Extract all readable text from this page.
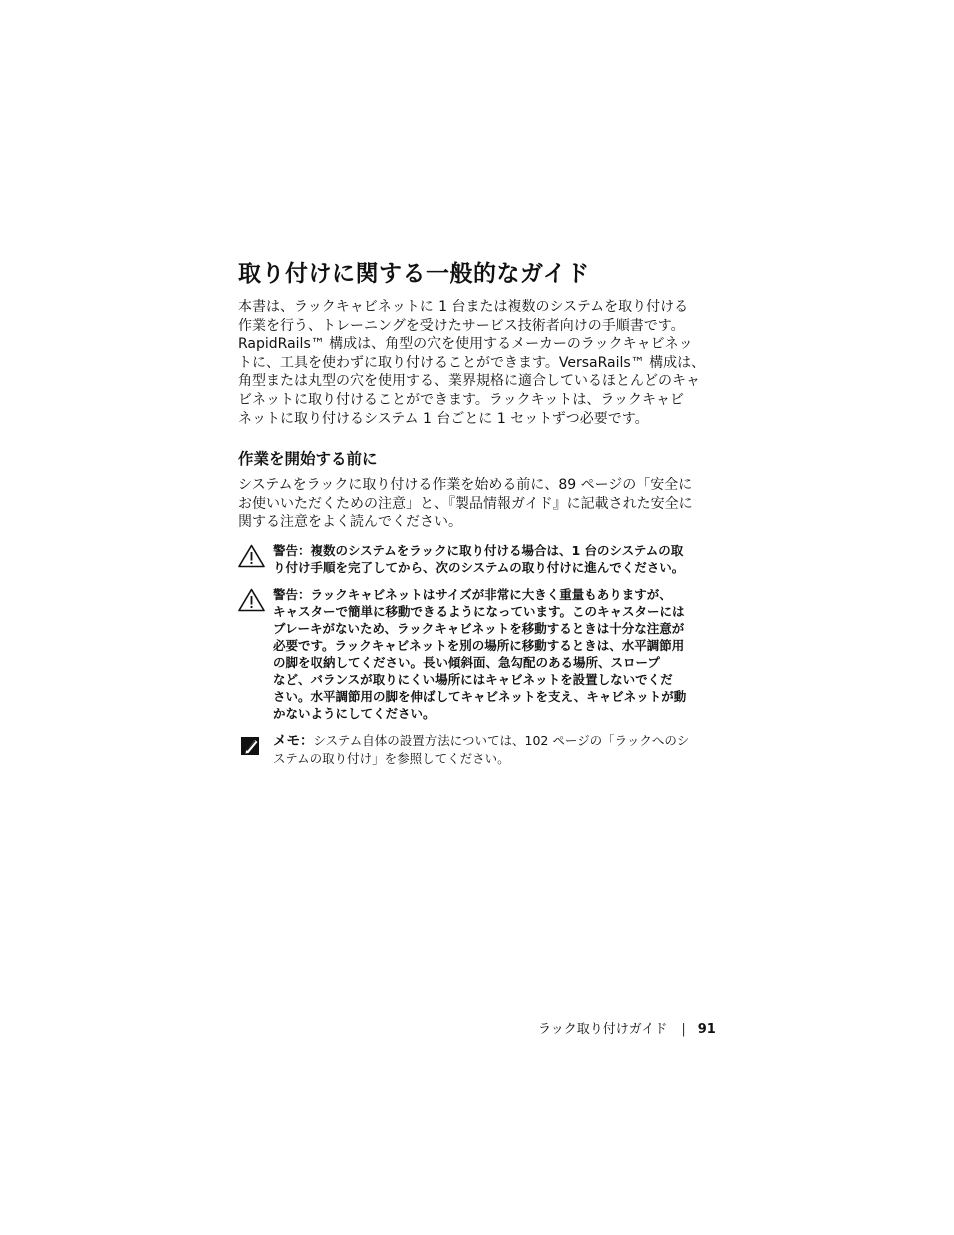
取り付けに関する一般的なガイド

本書は、ラックキャビネットに 1 台または複数のシステムを取り付ける
作業を行う、トレーニングを受けたサービス技術者向けの手順書です。
RapidRails™ 構成は、角型の穴を使用するメーカーのラックキャビネッ
トに、工具を使わずに取り付けることができます。VersaRails™ 構成は、
角型または丸型の穴を使用する、業界規格に適合しているほとんどのキャ
ビネットに取り付けることができます。ラックキットは、ラックキャビ
ネットに取り付けるシステム 1 台ごとに 1 セットずつ必要です。

作業を開始する前に

システムをラックに取り付ける作業を始める前に、89 ページの「安全に
お使いいただくための注意」と、『製品情報ガイド』に記載された安全に
関する注意をよく読んでください。

警告：複数のシステムをラックに取り付ける場合は、1 台のシステムの取
り付け手順を完了してから、次のシステムの取り付けに進んでください。
警告：ラックキャビネットはサイズが非常に大きく重量もありますが、
キャスターで簡単に移動できるようになっています。このキャスターには
ブレーキがないため、ラックキャビネットを移動するときは十分な注意が
必要です。ラックキャビネットを別の場所に移動するときは、水平調節用
の脚を収納してください。長い傾斜面、急勾配のある場所、スロープ
など、バランスが取りにくい場所にはキャビネットを設置しないでくだ
さい。水平調節用の脚を伸ばしてキャビネットを支え、キャビネットが動
かないようにしてください。
メモ：システム自体の設置方法については、102 ページの「ラックへのシ
ステムの取り付け」を参照してください。
ラック取り付けガイド | 91
